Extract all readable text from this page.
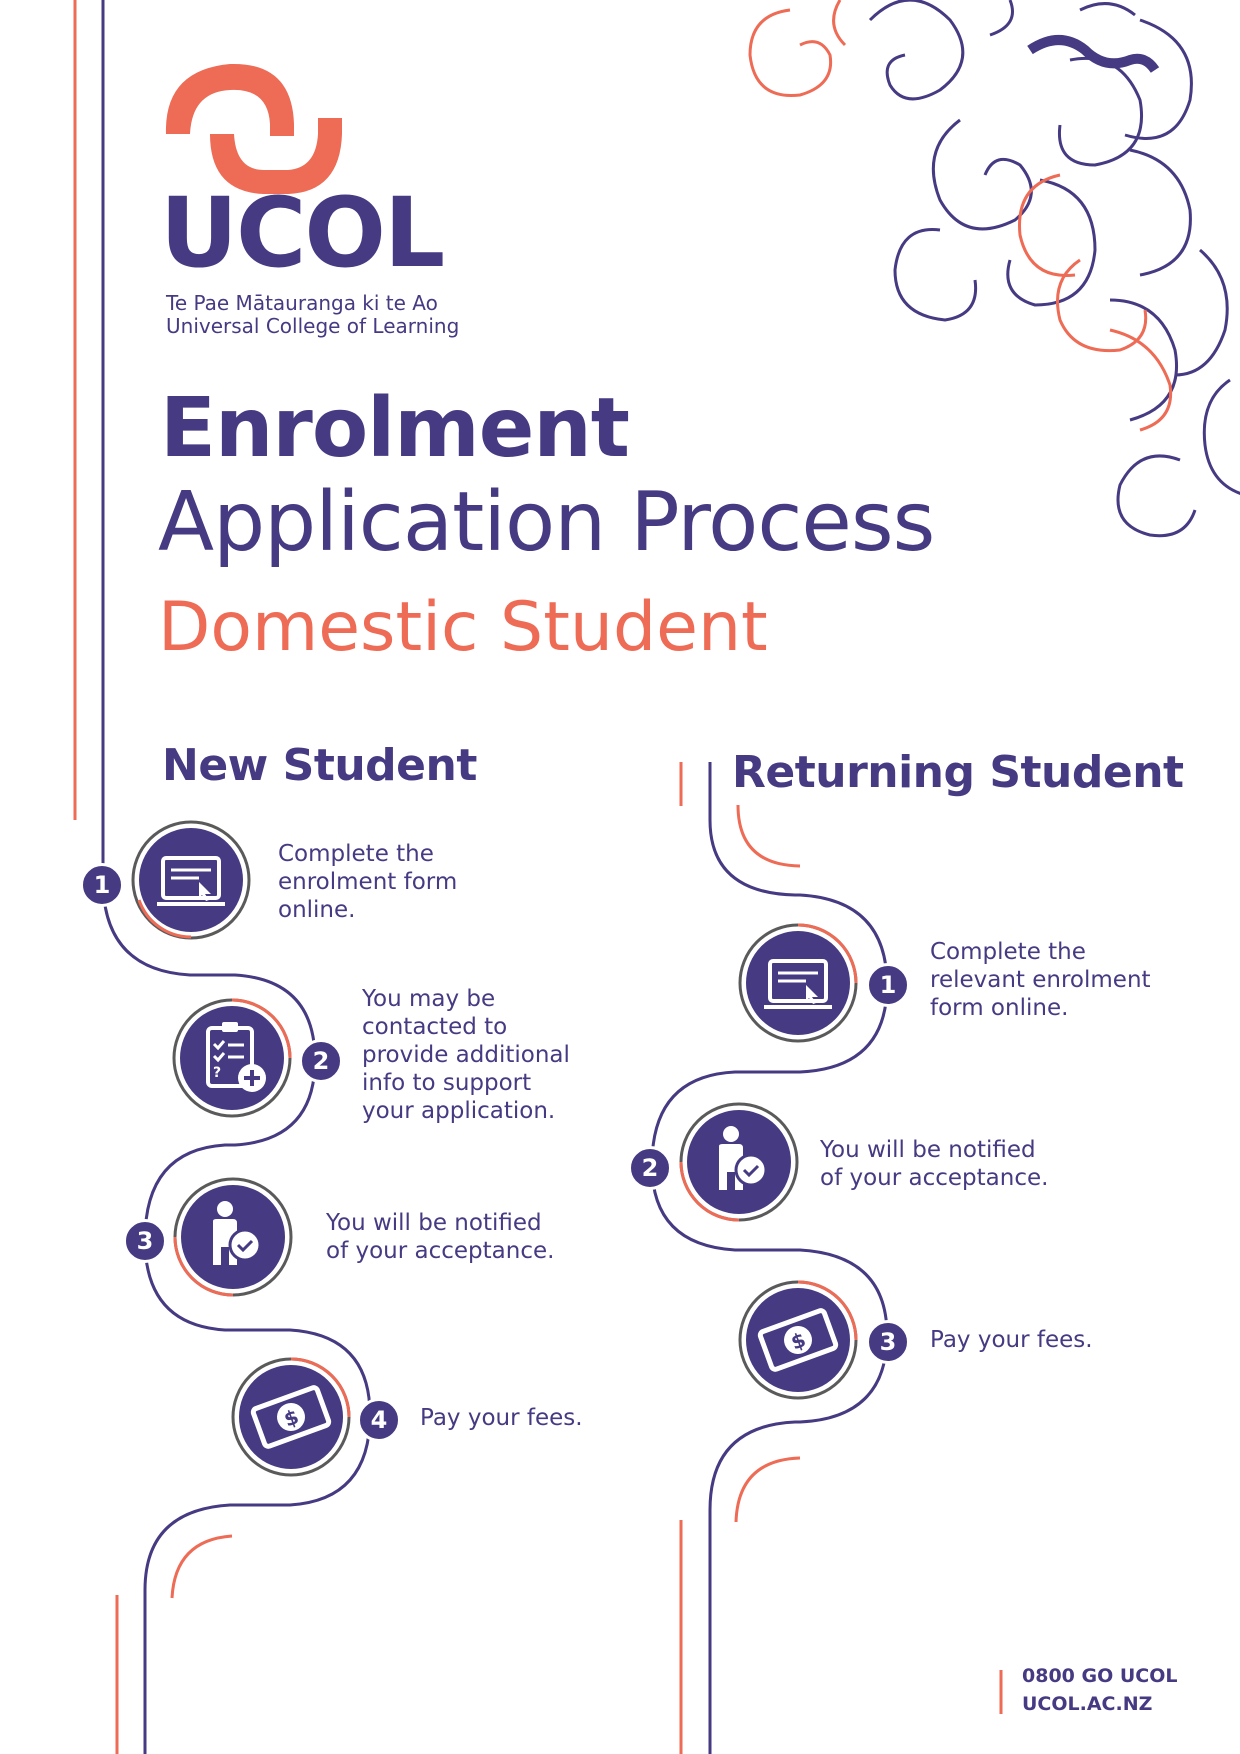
UCOL
Te Pae Mātauranga ki te Ao
Universal College of Learning
Enrolment
Application Process
Domestic Student
New Student	Returning Student
1
Complete the
enrolment form
online.
?	2
You may be
contacted to
provide additional
info to support
your application.
3
You will be notified
of your acceptance.
$	4	Pay your fees.
1
Complete the
relevant enrolment
form online.
2
You will be notified
of your acceptance.
$	3	Pay your fees.
0800 GO UCOL
UCOL.AC.NZ
